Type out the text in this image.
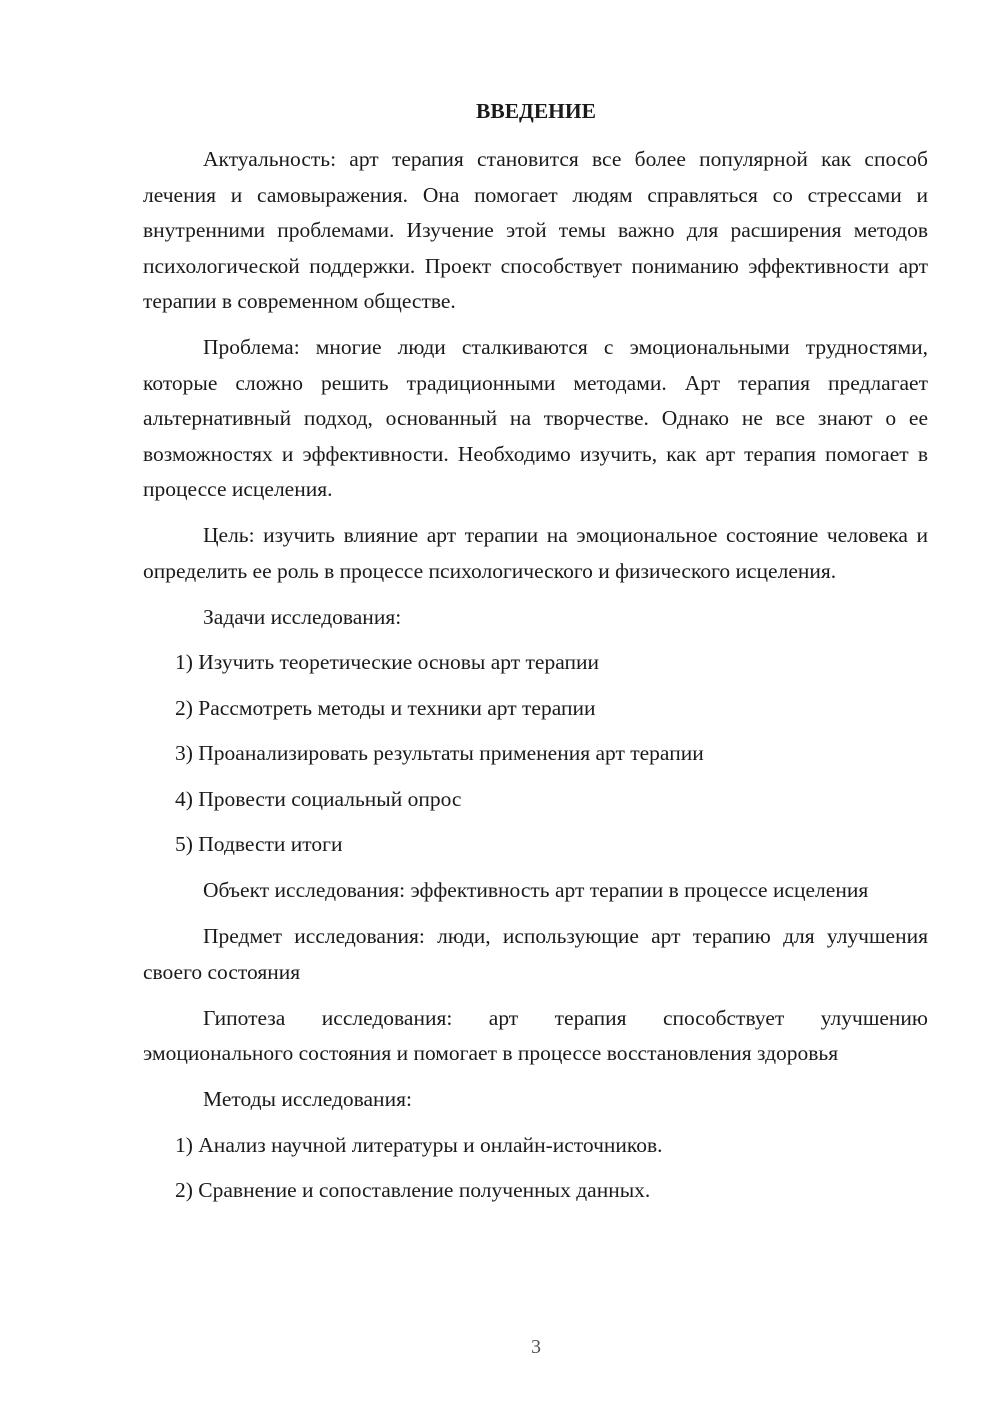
ВВЕДЕНИЕ

Актуальность: арт терапия становится все более популярной как способ лечения и самовыражения. Она помогает людям справляться со стрессами и внутренними проблемами. Изучение этой темы важно для расширения методов психологической поддержки. Проект способствует пониманию эффективности арт терапии в современном обществе.

Проблема: многие люди сталкиваются с эмоциональными трудностями, которые сложно решить традиционными методами. Арт терапия предлагает альтернативный подход, основанный на творчестве. Однако не все знают о ее возможностях и эффективности. Необходимо изучить, как арт терапия помогает в процессе исцеления.

Цель: изучить влияние арт терапии на эмоциональное состояние человека и определить ее роль в процессе психологического и физического исцеления.

Задачи исследования:

1) Изучить теоретические основы арт терапии

2) Рассмотреть методы и техники арт терапии

3) Проанализировать результаты применения арт терапии

4) Провести социальный опрос

5) Подвести итоги

Объект исследования: эффективность арт терапии в процессе исцеления

Предмет исследования: люди, использующие арт терапию для улучшения своего состояния

Гипотеза исследования: арт терапия способствует улучшению эмоционального состояния и помогает в процессе восстановления здоровья

Методы исследования:

1) Анализ научной литературы и онлайн-источников.

2) Сравнение и сопоставление полученных данных.

3
